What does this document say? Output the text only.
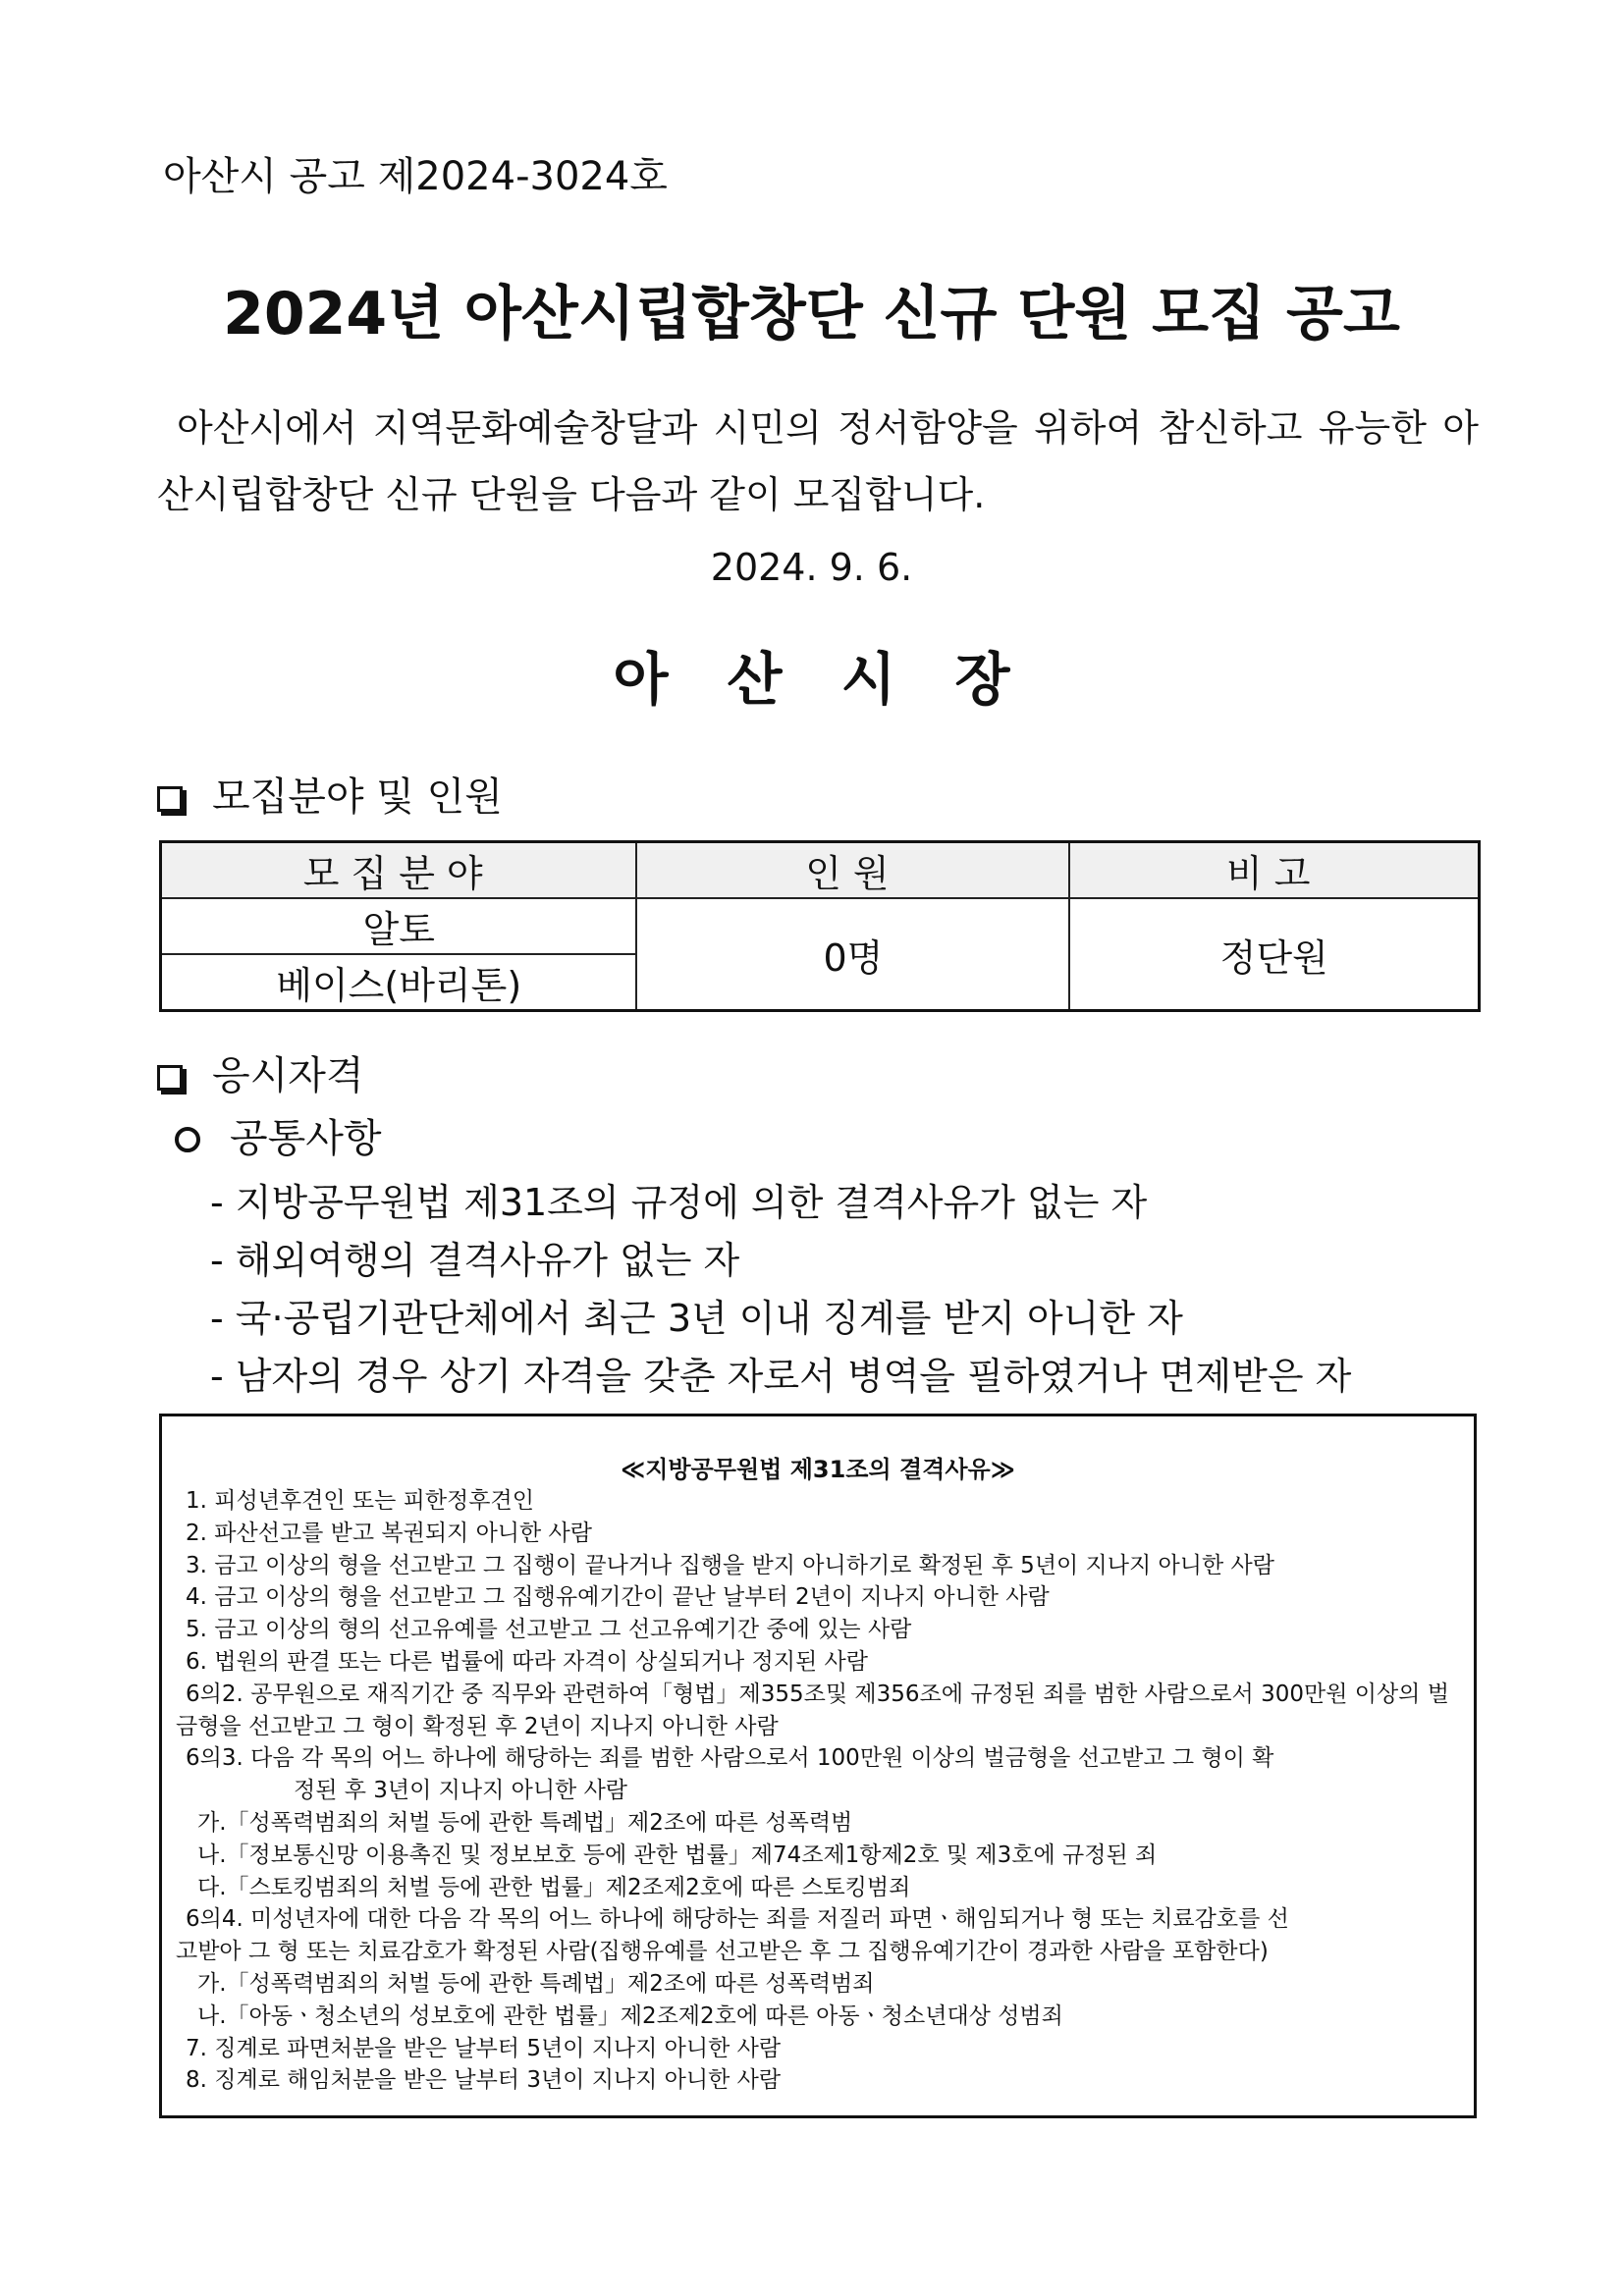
아산시 공고 제2024-3024호
2024년 아산시립합창단 신규 단원 모집 공고
아산시에서 지역문화예술창달과 시민의 정서함양을 위하여 참신하고 유능한 아산시립합창단 신규 단원을 다음과 같이 모집합니다.
2024. 9. 6.
아산시장
모집분야 및 인원
모집분야	인원	비고
알토	0명	정단원
베이스(바리톤)		
응시자격
공통사항
- 지방공무원법 제31조의 규정에 의한 결격사유가 없는 자
- 해외여행의 결격사유가 없는 자
- 국·공립기관단체에서 최근 3년 이내 징계를 받지 아니한 자
- 남자의 경우 상기 자격을 갖춘 자로서 병역을 필하였거나 면제받은 자
≪지방공무원법 제31조의 결격사유≫
1. 피성년후견인 또는 피한정후견인
2. 파산선고를 받고 복권되지 아니한 사람
3. 금고 이상의 형을 선고받고 그 집행이 끝나거나 집행을 받지 아니하기로 확정된 후 5년이 지나지 아니한 사람
4. 금고 이상의 형을 선고받고 그 집행유예기간이 끝난 날부터 2년이 지나지 아니한 사람
5. 금고 이상의 형의 선고유예를 선고받고 그 선고유예기간 중에 있는 사람
6. 법원의 판결 또는 다른 법률에 따라 자격이 상실되거나 정지된 사람
6의2. 공무원으로 재직기간 중 직무와 관련하여「형법」제355조및 제356조에 규정된 죄를 범한 사람으로서 300만원 이상의 벌
금형을 선고받고 그 형이 확정된 후 2년이 지나지 아니한 사람
6의3. 다음 각 목의 어느 하나에 해당하는 죄를 범한 사람으로서 100만원 이상의 벌금형을 선고받고 그 형이 확
정된 후 3년이 지나지 아니한 사람
가.「성폭력범죄의 처벌 등에 관한 특례법」제2조에 따른 성폭력범
나.「정보통신망 이용촉진 및 정보보호 등에 관한 법률」제74조제1항제2호 및 제3호에 규정된 죄
다.「스토킹범죄의 처벌 등에 관한 법률」제2조제2호에 따른 스토킹범죄
6의4. 미성년자에 대한 다음 각 목의 어느 하나에 해당하는 죄를 저질러 파면ㆍ해임되거나 형 또는 치료감호를 선
고받아 그 형 또는 치료감호가 확정된 사람(집행유예를 선고받은 후 그 집행유예기간이 경과한 사람을 포함한다)
가.「성폭력범죄의 처벌 등에 관한 특례법」제2조에 따른 성폭력범죄
나.「아동ㆍ청소년의 성보호에 관한 법률」제2조제2호에 따른 아동ㆍ청소년대상 성범죄
7. 징계로 파면처분을 받은 날부터 5년이 지나지 아니한 사람
8. 징계로 해임처분을 받은 날부터 3년이 지나지 아니한 사람
